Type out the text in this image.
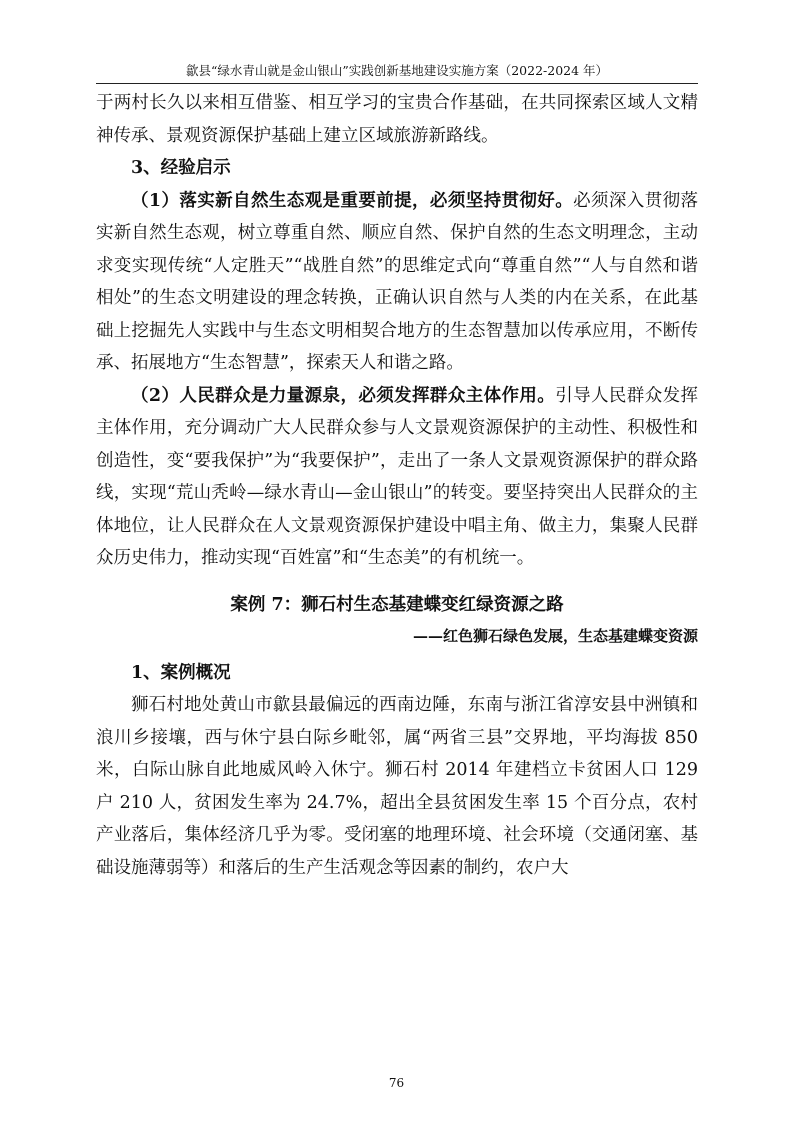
歙县“绿水青山就是金山银山”实践创新基地建设实施方案（2022-2024 年）

于两村长久以来相互借鉴、相互学习的宝贵合作基础，在共同探索区域人文精神传承、景观资源保护基础上建立区域旅游新路线。

3、经验启示

（1）落实新自然生态观是重要前提，必须坚持贯彻好。必须深入贯彻落实新自然生态观，树立尊重自然、顺应自然、保护自然的生态文明理念，主动求变实现传统“人定胜天”“战胜自然”的思维定式向“尊重自然”“人与自然和谐相处”的生态文明建设的理念转换，正确认识自然与人类的内在关系，在此基础上挖掘先人实践中与生态文明相契合地方的生态智慧加以传承应用，不断传承、拓展地方“生态智慧”，探索天人和谐之路。

（2）人民群众是力量源泉，必须发挥群众主体作用。引导人民群众发挥主体作用，充分调动广大人民群众参与人文景观资源保护的主动性、积极性和创造性，变“要我保护”为“我要保护”，走出了一条人文景观资源保护的群众路线，实现“荒山秃岭—绿水青山—金山银山”的转变。要坚持突出人民群众的主体地位，让人民群众在人文景观资源保护建设中唱主角、做主力，集聚人民群众历史伟力，推动实现“百姓富”和“生态美”的有机统一。

案例 7：狮石村生态基建蝶变红绿资源之路

——红色狮石绿色发展，生态基建蝶变资源

1、案例概况

狮石村地处黄山市歙县最偏远的西南边陲，东南与浙江省淳安县中洲镇和浪川乡接壤，西与休宁县白际乡毗邻，属“两省三县”交界地，平均海拔 850 米，白际山脉自此地威风岭入休宁。狮石村 2014 年建档立卡贫困人口 129 户 210 人，贫困发生率为 24.7%，超出全县贫困发生率 15 个百分点，农村产业落后，集体经济几乎为零。受闭塞的地理环境、社会环境（交通闭塞、基础设施薄弱等）和落后的生产生活观念等因素的制约，农户大

76
